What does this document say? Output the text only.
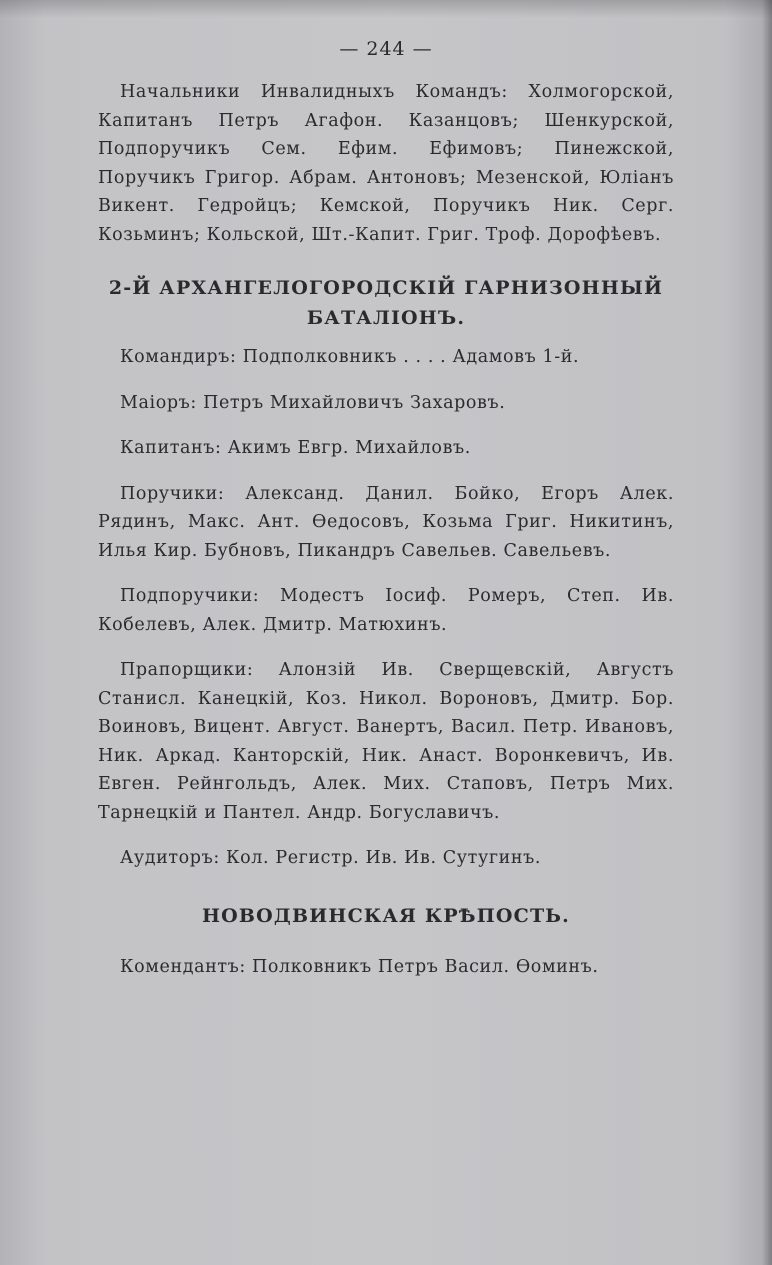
— 244 —

Начальники Инвалидныхъ Командъ: Холмогорской, Капитанъ Петръ Агафон. Казанцовъ; Шенкурской, Подпоручикъ Сем. Ефим. Ефимовъ; Пинежской, Поручикъ Григор. Абрам. Антоновъ; Мезенской, Юліанъ Викент. Гедройцъ; Кемской, Поручикъ Ник. Серг. Козьминъ; Кольской, Шт.-Капит. Григ. Троф. Дорофѣевъ.

2-Й АРХАНГЕЛОГОРОДСКІЙ ГАРНИЗОННЫЙ
БАТАЛІОНЪ.

Командиръ: Подполковникъ . . . . Адамовъ 1-й.

Маіоръ: Петръ Михайловичъ Захаровъ.

Капитанъ: Акимъ Евгр. Михайловъ.

Поручики: Александ. Данил. Бойко, Егоръ Алек. Рядинъ, Макс. Ант. Ѳедосовъ, Козьма Григ. Никитинъ, Илья Кир. Бубновъ, Пикандръ Савельев. Савельевъ.

Подпоручики: Модестъ Іосиф. Ромеръ, Степ. Ив. Кобелевъ, Алек. Дмитр. Матюхинъ.

Прапорщики: Алонзій Ив. Сверщевскій, Августъ Станисл. Канецкій, Коз. Никол. Вороновъ, Дмитр. Бор. Воиновъ, Вицент. Август. Ванертъ, Васил. Петр. Ивановъ, Ник. Аркад. Канторскій, Ник. Анаст. Воронкевичъ, Ив. Евген. Рейнгольдъ, Алек. Мих. Стаповъ, Петръ Мих. Тарнецкій и Пантел. Андр. Богуславичъ.

Аудиторъ: Кол. Регистр. Ив. Ив. Сутугинъ.

НОВОДВИНСКАЯ КРѢПОСТЬ.

Комендантъ: Полковникъ Петръ Васил. Ѳоминъ.
